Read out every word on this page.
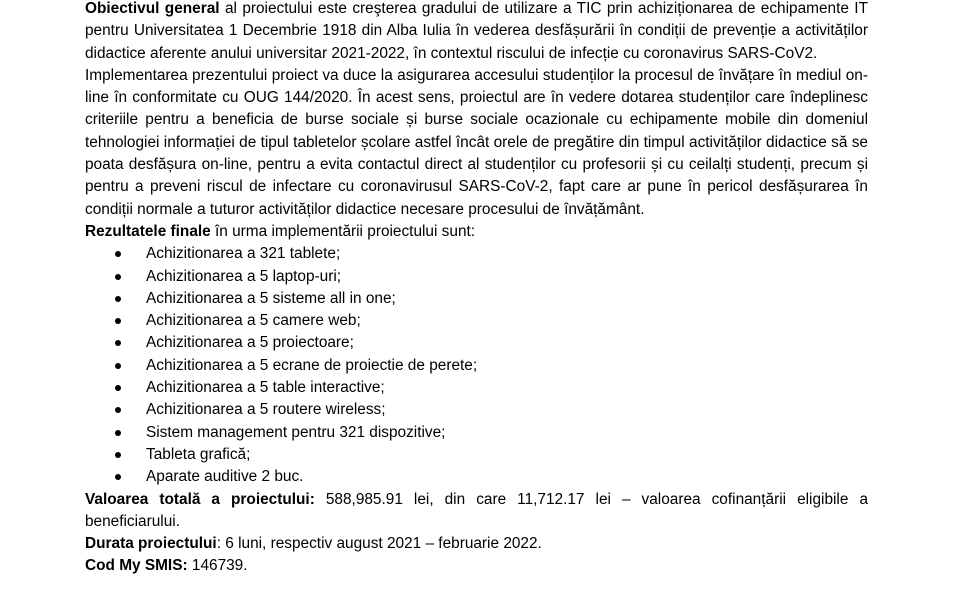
Obiectivul general al proiectului este creşterea gradului de utilizare a TIC prin achiziționarea de echipamente IT pentru Universitatea 1 Decembrie 1918 din Alba Iulia în vederea desfășurării în condiții de prevenție a activităților didactice aferente anului universitar 2021-2022, în contextul riscului de infecție cu coronavirus SARS-CoV2.

Implementarea prezentului proiect va duce la asigurarea accesului studenților la procesul de învățare în mediul on-line în conformitate cu OUG 144/2020. În acest sens, proiectul are în vedere dotarea studenților care îndeplinesc criteriile pentru a beneficia de burse sociale și burse sociale ocazionale cu echipamente mobile din domeniul tehnologiei informației de tipul tabletelor școlare astfel încât orele de pregătire din timpul activităților didactice să se poata desfășura on-line, pentru a evita contactul direct al studenților cu profesorii și cu ceilalți studenți, precum și pentru a preveni riscul de infectare cu coronavirusul SARS-CoV-2, fapt care ar pune în pericol desfășurarea în condiții normale a tuturor activităților didactice necesare procesului de învățământ.

Rezultatele finale în urma implementării proiectului sunt:

Achizitionarea a 321 tablete;
Achizitionarea a 5 laptop-uri;
Achizitionarea a 5 sisteme all in one;
Achizitionarea a 5 camere web;
Achizitionarea a 5 proiectoare;
Achizitionarea a 5 ecrane de proiectie de perete;
Achizitionarea a 5 table interactive;
Achizitionarea a 5 routere wireless;
Sistem management pentru 321 dispozitive;
Tableta grafică;
Aparate auditive 2 buc.

Valoarea totală a proiectului: 588,985.91 lei, din care 11,712.17 lei – valoarea cofinanțării eligibile a beneficiarului.

Durata proiectului: 6 luni, respectiv august 2021 – februarie 2022.

Cod My SMIS: 146739.
